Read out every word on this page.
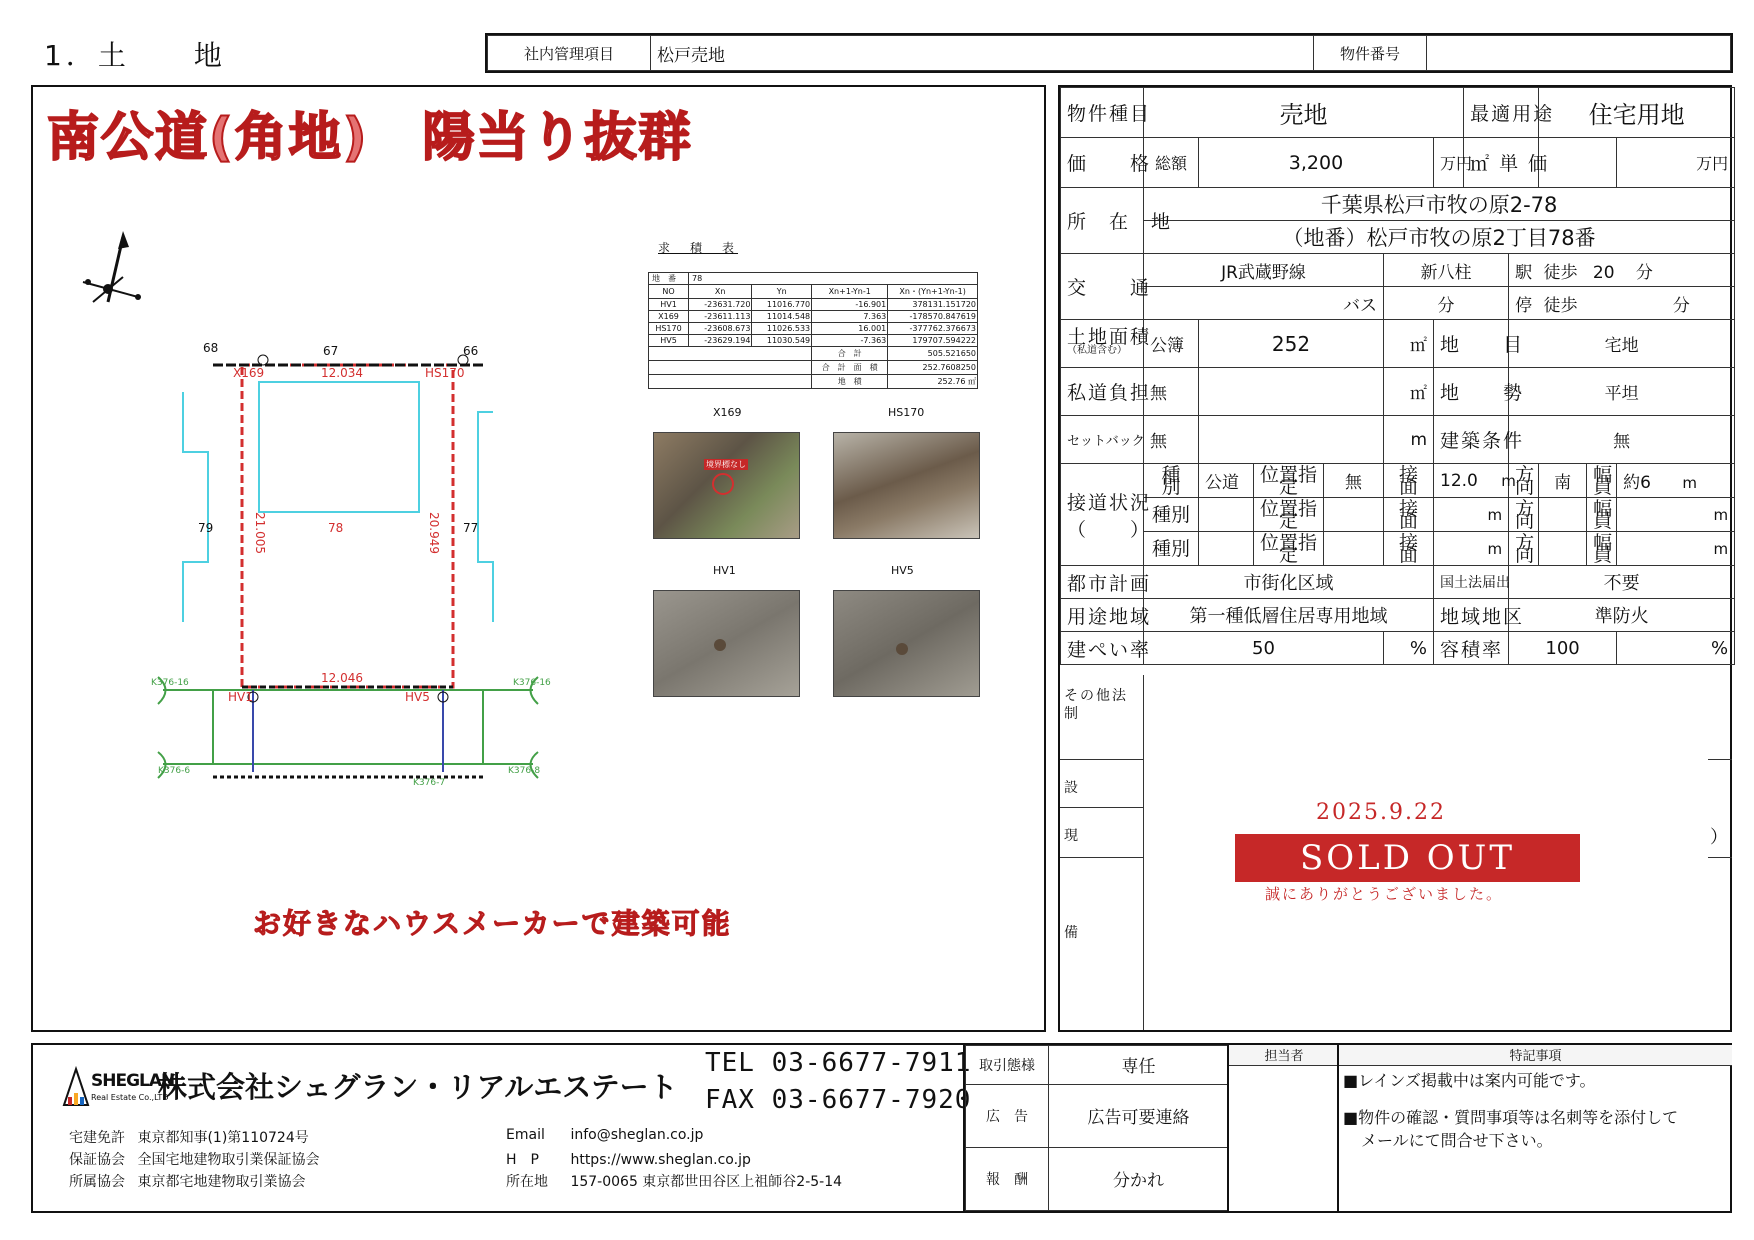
1．土　　地	社内管理項目	松戸売地	物件番号	
南公道(角地)　陽当り抜群
68	67	66
79	78	77
X169	HS170
HV1	HV5
12.034
12.046
21.005	20.949
K376-16	K376-16
K376-6
K376-7
K376-8
求　積　表
地　番	78			
NO	Xn	Yn	Xn+1-Yn-1	Xn・(Yn+1-Yn-1)
HV1	-23631.720	11016.770	-16.901	378131.151720
X169	-23611.113	11014.548	7.363	-178570.847619
HS170	-23608.673	11026.533	16.001	-377762.376673
HV5	-23629.194	11030.549	-7.363	179707.594222
			合　計	505.521650
			合　計　面　積	252.7608250
			地　積	252.76 ㎡
X169
境界標なし
HS170
HV1	HV5
お好きなハウスメーカーで建築可能
物件種目	売地						最適用途		住宅用地		
価　　格	総額	3,200				万円	㎡ 単 価				万円
所　在　地	千葉県松戸市牧の原2-78										
	（地番）松戸市牧の原2丁目78番										
交　　通	JR武蔵野線				新八柱			駅 徒歩 20 分			
	バス				分			停 徒歩 分			

土地面積
（私道含む）	公簿	252			㎡	地　　目		宅地			
私道負担	無				㎡	地　　勢		平坦			
セットバック	無				m	建築条件		無			

接道状況
（　　）	種別	公道	位置指定	無	接面	12.0 m		方向	南	幅員	約6 m
	種別		位置指定		接面	m		方向		幅員	m
	種別		位置指定		接面	m		方向		幅員	m
都市計画	市街化区域					国土法届出		不要			
用途地域	第一種低層住居専用地域					地域地区		準防火			
建ぺい率	50				%	容積率		100			%
その他法制
設
現
備
）
2025.9.22
SOLD OUT
誠にありがとうございました。
SHEGLAN
Real Estate Co.,LTD
株式会社シェグラン・リアルエステート
TEL 03-6677-7911
FAX 03-6677-7920
宅建免許 東京都知事(1)第110724号
保証協会 全国宅地建物取引業保証協会
所属協会 東京都宅地建物取引業協会
Email info@sheglan.co.jp
H　P https://www.sheglan.co.jp
所在地 157-0065 東京都世田谷区上祖師谷2-5-14
取引態様	専任
広　告	広告可要連絡
報　酬	分かれ
担当者	特記事項
■レインズ掲載中は案内可能です。
■物件の確認・質問事項等は名刺等を添付して
メールにて問合せ下さい。
